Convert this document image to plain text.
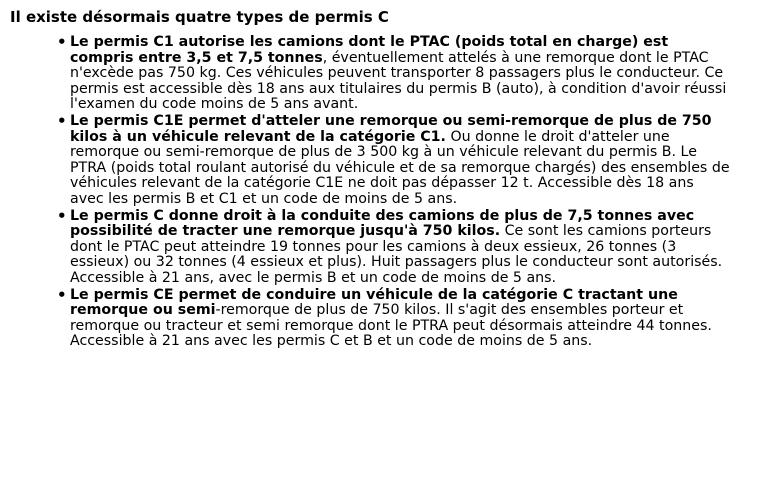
Il existe désormais quatre types de permis C
• Le permis C1 autorise les camions dont le PTAC (poids total en charge) est compris entre 3,5 et 7,5 tonnes, éventuellement attelés à une remorque dont le PTAC n'excède pas 750 kg. Ces véhicules peuvent transporter 8 passagers plus le conducteur. Ce permis est accessible dès 18 ans aux titulaires du permis B (auto), à condition d'avoir réussi l'examen du code moins de 5 ans avant.
• Le permis C1E permet d'atteler une remorque ou semi-remorque de plus de 750 kilos à un véhicule relevant de la catégorie C1. Ou donne le droit d'atteler une remorque ou semi-remorque de plus de 3 500 kg à un véhicule relevant du permis B. Le PTRA (poids total roulant autorisé du véhicule et de sa remorque chargés) des ensembles de véhicules relevant de la catégorie C1E ne doit pas dépasser 12 t. Accessible dès 18 ans avec les permis B et C1 et un code de moins de 5 ans.
• Le permis C donne droit à la conduite des camions de plus de 7,5 tonnes avec possibilité de tracter une remorque jusqu'à 750 kilos. Ce sont les camions porteurs dont le PTAC peut atteindre 19 tonnes pour les camions à deux essieux, 26 tonnes (3 essieux) ou 32 tonnes (4 essieux et plus). Huit passagers plus le conducteur sont autorisés. Accessible à 21 ans, avec le permis B et un code de moins de 5 ans.
• Le permis CE permet de conduire un véhicule de la catégorie C tractant une remorque ou semi-remorque de plus de 750 kilos. Il s'agit des ensembles porteur et remorque ou tracteur et semi remorque dont le PTRA peut désormais atteindre 44 tonnes. Accessible à 21 ans avec les permis C et B et un code de moins de 5 ans.
